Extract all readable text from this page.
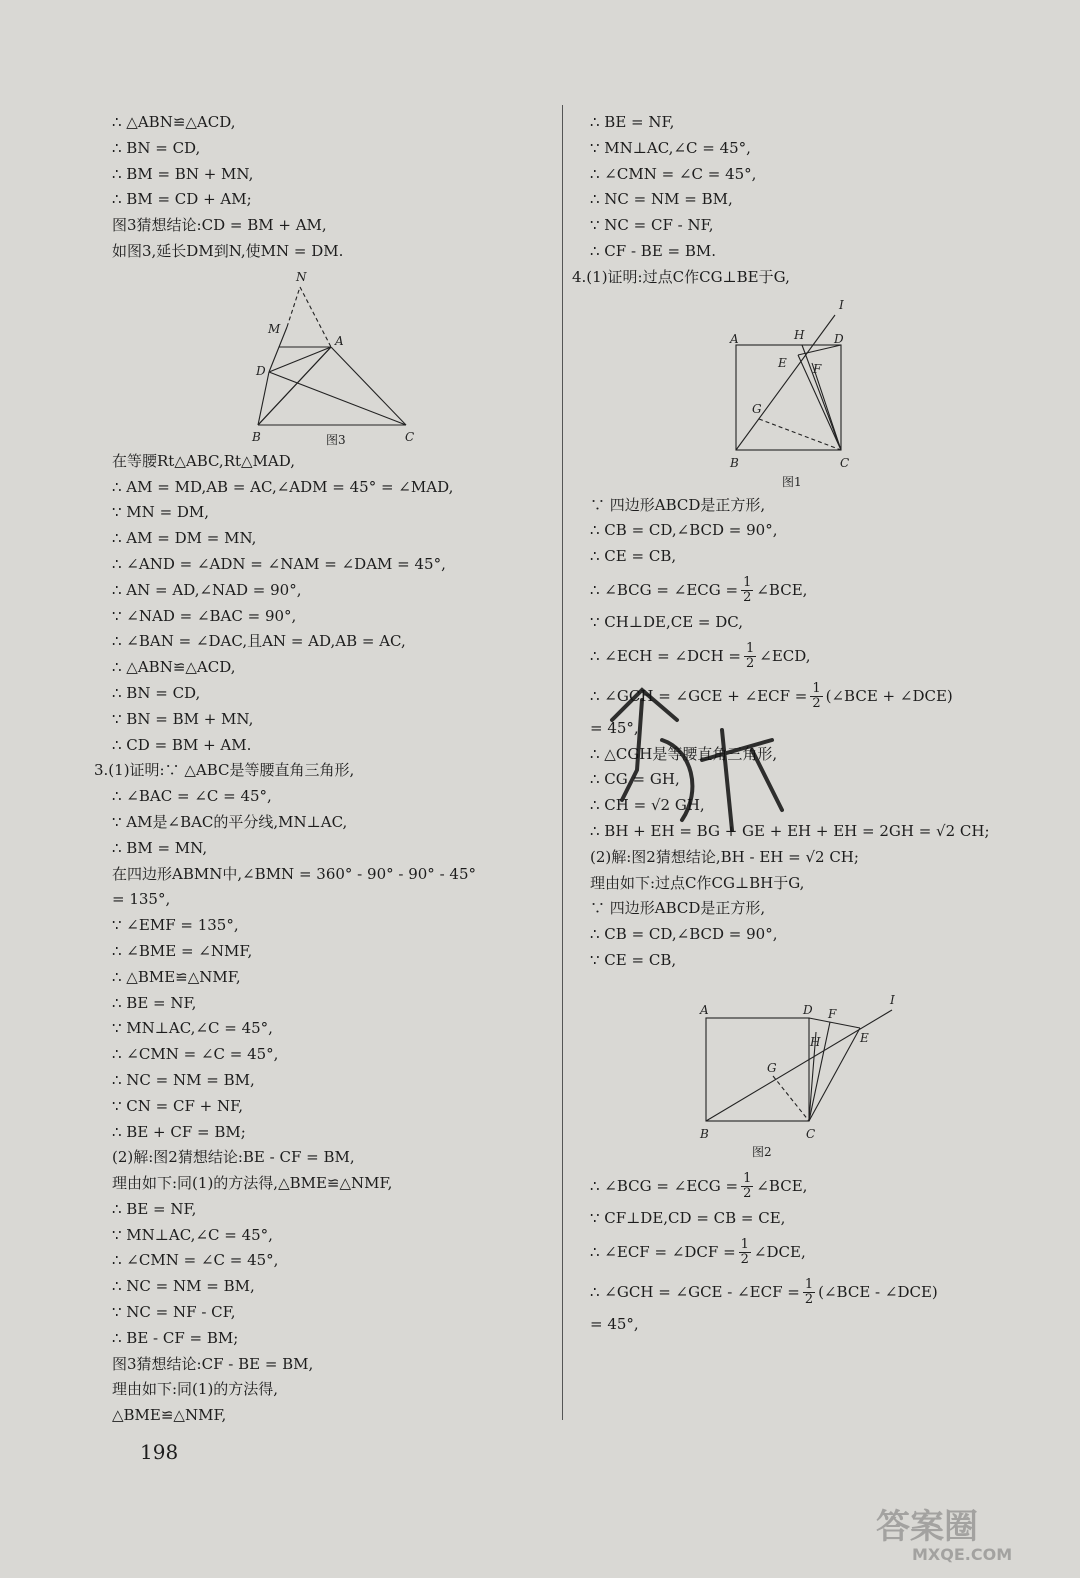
∴ △ABN≌△ACD,
∴ BN = CD,
∴ BM = BN + MN,
∴ BM = CD + AM;
图3猜想结论:CD = BM + AM,
如图3,延长DM到N,使MN = DM.
N
M
A
D
B	C
图3
在等腰Rt△ABC,Rt△MAD,
∴ AM = MD,AB = AC,∠ADM = 45° = ∠MAD,
∵ MN = DM,
∴ AM = DM = MN,
∴ ∠AND = ∠ADN = ∠NAM = ∠DAM = 45°,
∴ AN = AD,∠NAD = 90°,
∵ ∠NAD = ∠BAC = 90°,
∴ ∠BAN = ∠DAC,且AN = AD,AB = AC,
∴ △ABN≌△ACD,
∴ BN = CD,
∵ BN = BM + MN,
∴ CD = BM + AM.
3.(1)证明:∵ △ABC是等腰直角三角形,
∴ ∠BAC = ∠C = 45°,
∵ AM是∠BAC的平分线,MN⊥AC,
∴ BM = MN,
在四边形ABMN中,∠BMN = 360° - 90° - 90° - 45°
= 135°,
∵ ∠EMF = 135°,
∴ ∠BME = ∠NMF,
∴ △BME≌△NMF,
∴ BE = NF,
∵ MN⊥AC,∠C = 45°,
∴ ∠CMN = ∠C = 45°,
∴ NC = NM = BM,
∵ CN = CF + NF,
∴ BE + CF = BM;
(2)解:图2猜想结论:BE - CF = BM,
理由如下:同(1)的方法得,△BME≌△NMF,
∴ BE = NF,
∵ MN⊥AC,∠C = 45°,
∴ ∠CMN = ∠C = 45°,
∴ NC = NM = BM,
∵ NC = NF - CF,
∴ BE - CF = BM;
图3猜想结论:CF - BE = BM,
理由如下:同(1)的方法得,
△BME≌△NMF,
∴ BE = NF,
∵ MN⊥AC,∠C = 45°,
∴ ∠CMN = ∠C = 45°,
∴ NC = NM = BM,
∵ NC = CF - NF,
∴ CF - BE = BM.
4.(1)证明:过点C作CG⊥BE于G,
I
H
A	D
E F
G
B	C
图1
∵ 四边形ABCD是正方形,
∴ CB = CD,∠BCD = 90°,
∴ CE = CB,
∴ ∠BCG = ∠ECG = $\frac{1}{2}$ ∠BCE,
∵ CH⊥DE,CE = DC,
∴ ∠ECH = ∠DCH = $\frac{1}{2}$ ∠ECD,
∴ ∠GCH = ∠GCE + ∠ECF = $\frac{1}{2}$ (∠BCE + ∠DCE)
= 45°,
∴ △CGH是等腰直角三角形,
∴ CG = GH,
∴ CH = √2 GH,
∴ BH + EH = BG + GE + EH + EH = 2GH = √2 CH;
(2)解:图2猜想结论,BH - EH = √2 CH;
理由如下:过点C作CG⊥BH于G,
∵ 四边形ABCD是正方形,
∴ CB = CD,∠BCD = 90°,
∵ CE = CB,
A	D F
I
H	E
G
B	C
图2
∴ ∠BCG = ∠ECG = $\frac{1}{2}$ ∠BCE,
∵ CF⊥DE,CD = CB = CE,
∴ ∠ECF = ∠DCF = $\frac{1}{2}$ ∠DCE,
∴ ∠GCH = ∠GCE - ∠ECF = $\frac{1}{2}$ (∠BCE - ∠DCE)
= 45°,
互助文档
198
答案圈
MXQE.COM
